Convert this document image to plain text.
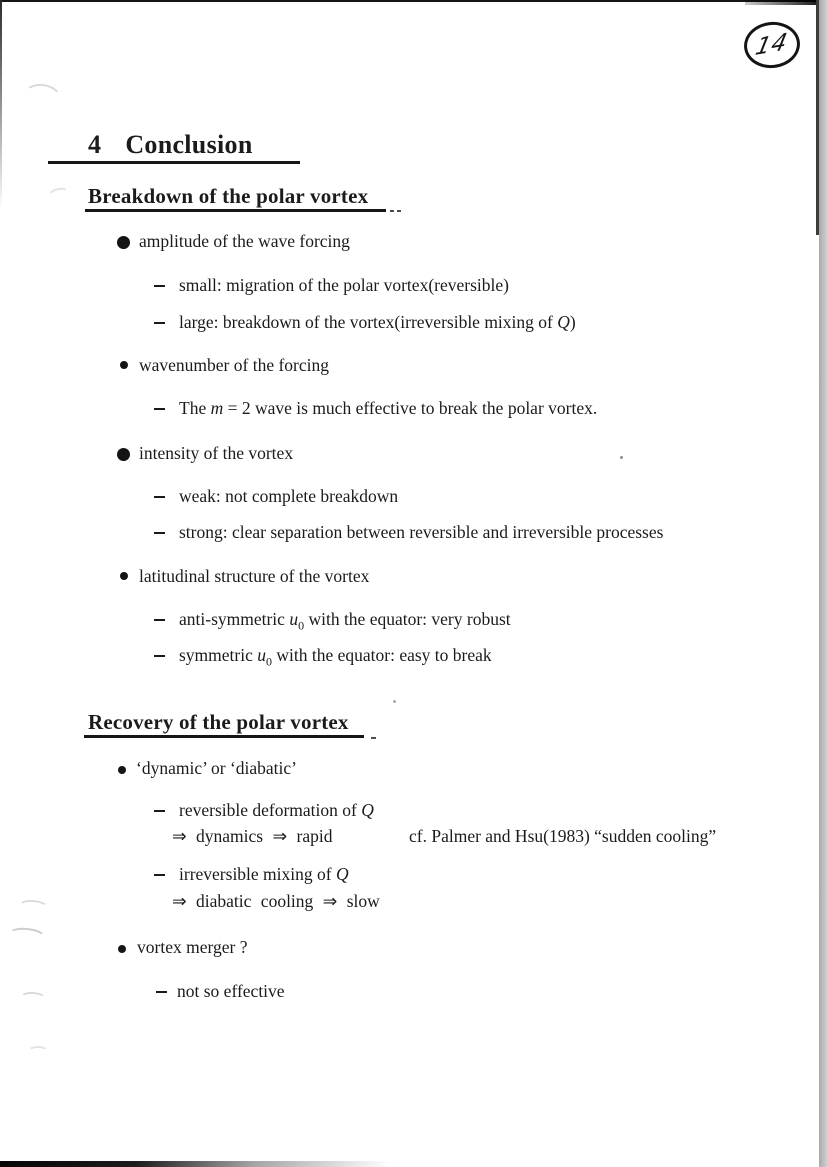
14
4 Conclusion
Breakdown of the polar vortex
amplitude of the wave forcing
small: migration of the polar vortex(reversible)
large: breakdown of the vortex(irreversible mixing of Q)
wavenumber of the forcing
The m = 2 wave is much effective to break the polar vortex.
intensity of the vortex
weak: not complete breakdown
strong: clear separation between reversible and irreversible processes
latitudinal structure of the vortex
anti-symmetric $u_0$ with the equator: very robust
symmetric $u_0$ with the equator: easy to break
Recovery of the polar vortex
‘dynamic’ or ‘diabatic’
reversible deformation of Q
⇒ dynamics ⇒ rapid	cf. Palmer and Hsu(1983) “sudden cooling”
irreversible mixing of Q
⇒ diabatic cooling ⇒ slow
vortex merger ?
not so effective
